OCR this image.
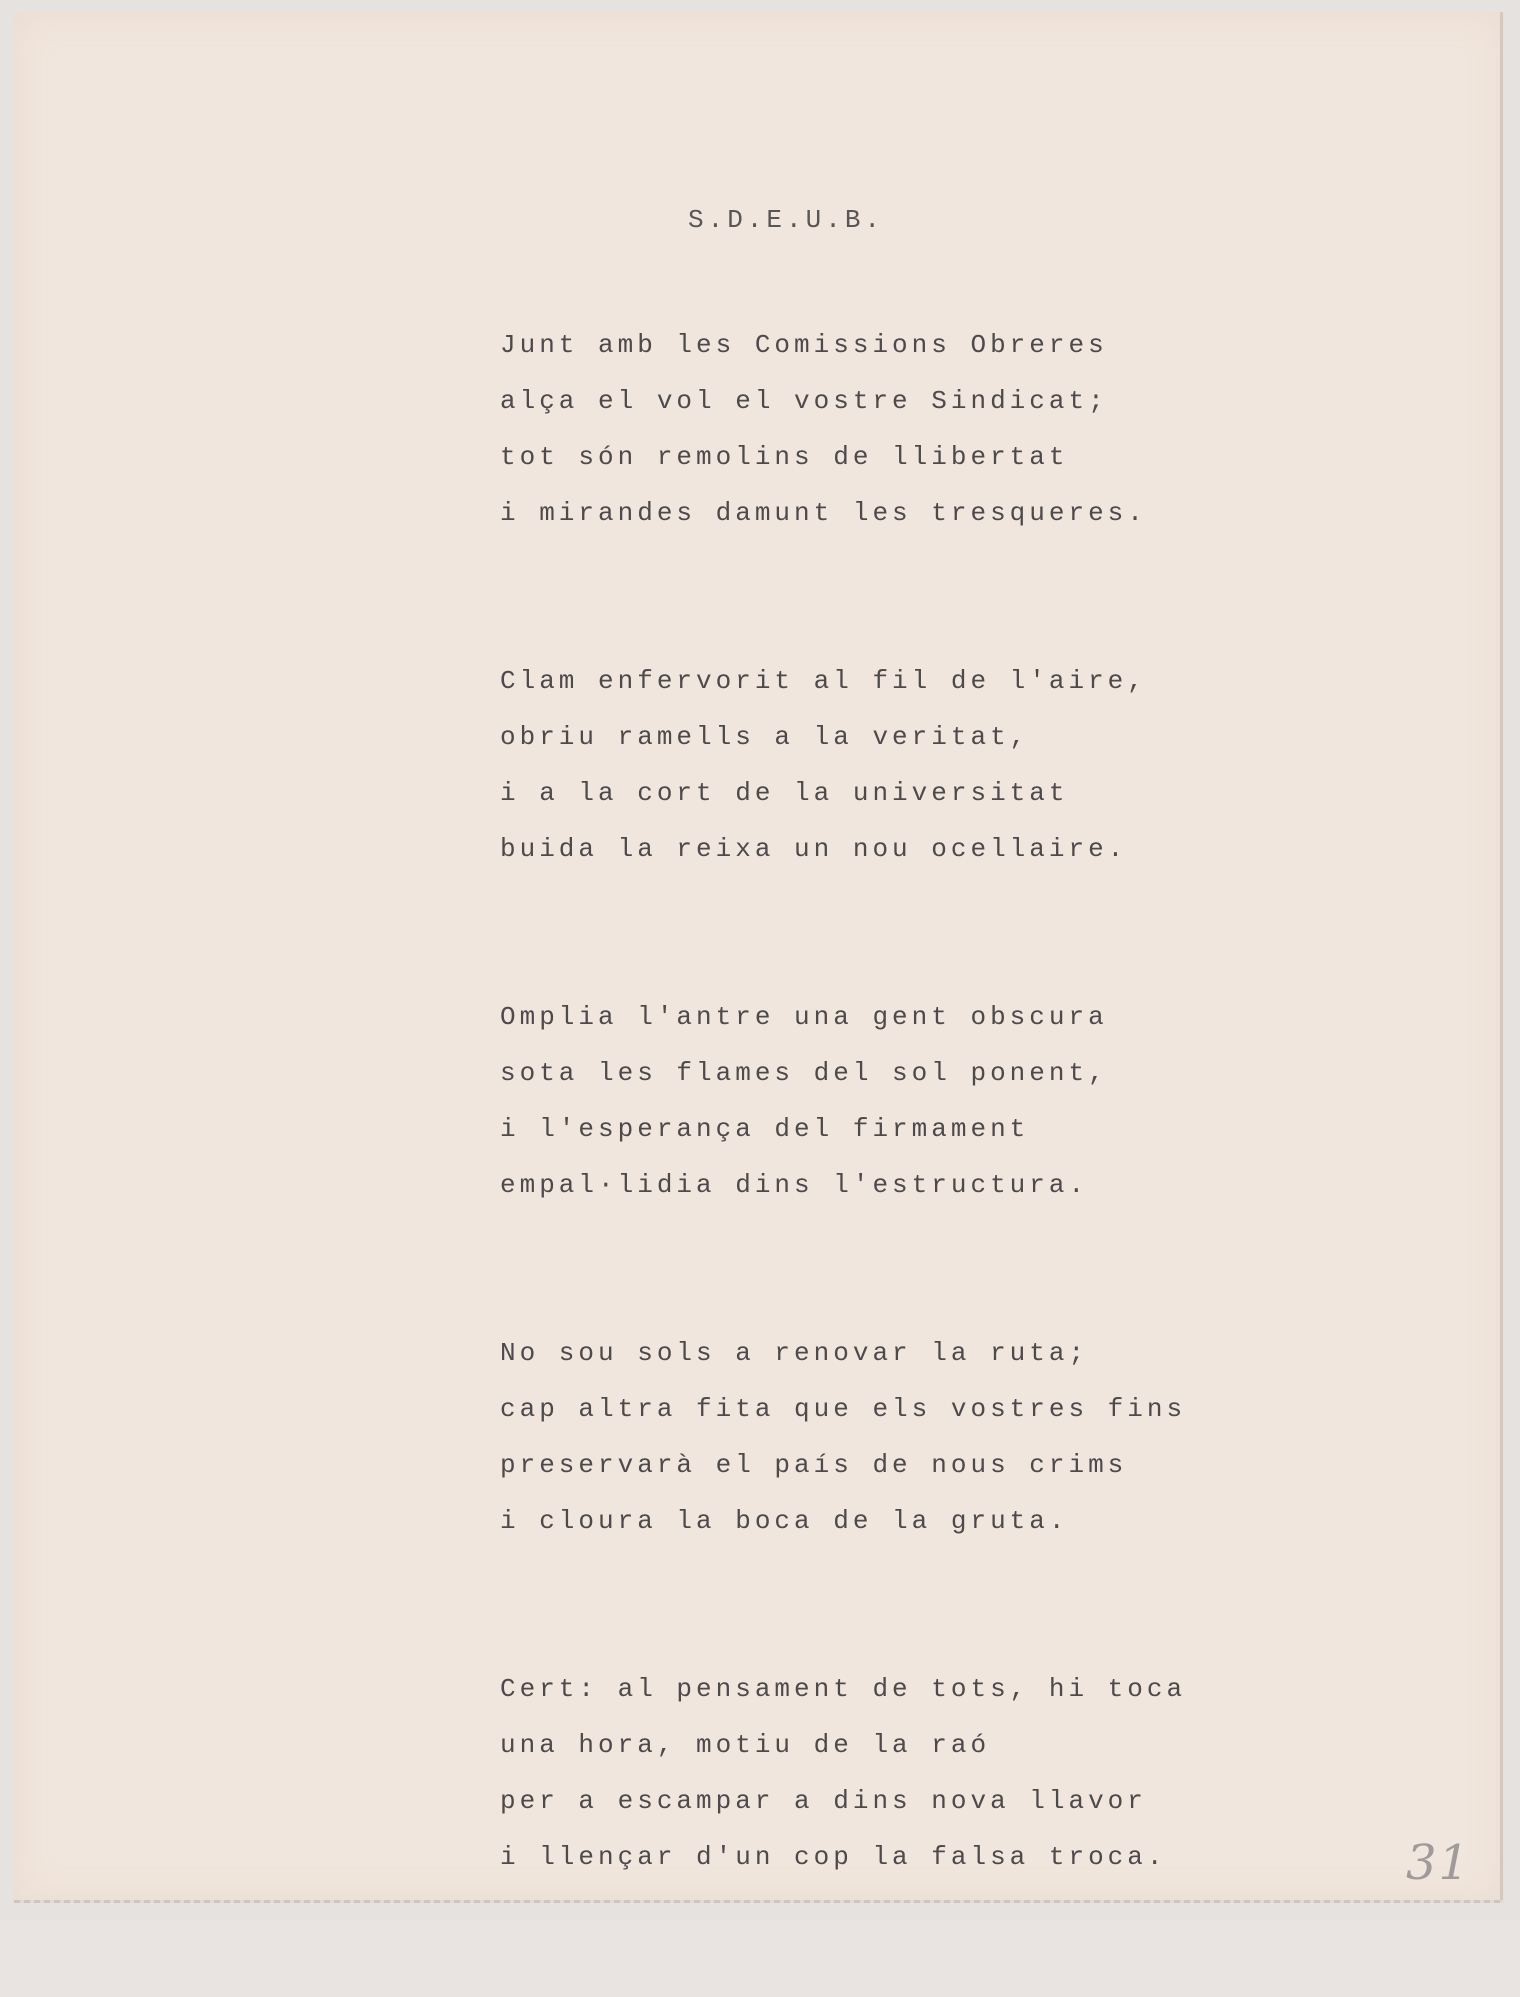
S.D.E.U.B.
Junt amb les Comissions Obreres
alça el vol el vostre Sindicat;
tot són remolins de llibertat
i mirandes damunt les tresqueres.
Clam enfervorit al fil de l'aire,
obriu ramells a la veritat,
i a la cort de la universitat
buida la reixa un nou ocellaire.
Omplia l'antre una gent obscura
sota les flames del sol ponent,
i l'esperança del firmament
empal·lidia dins l'estructura.
No sou sols a renovar la ruta;
cap altra fita que els vostres fins
preservarà el país de nous crims
i cloura la boca de la gruta.
Cert: al pensament de tots, hi toca
una hora, motiu de la raó
per a escampar a dins nova llavor
i llençar d'un cop la falsa troca.	31
